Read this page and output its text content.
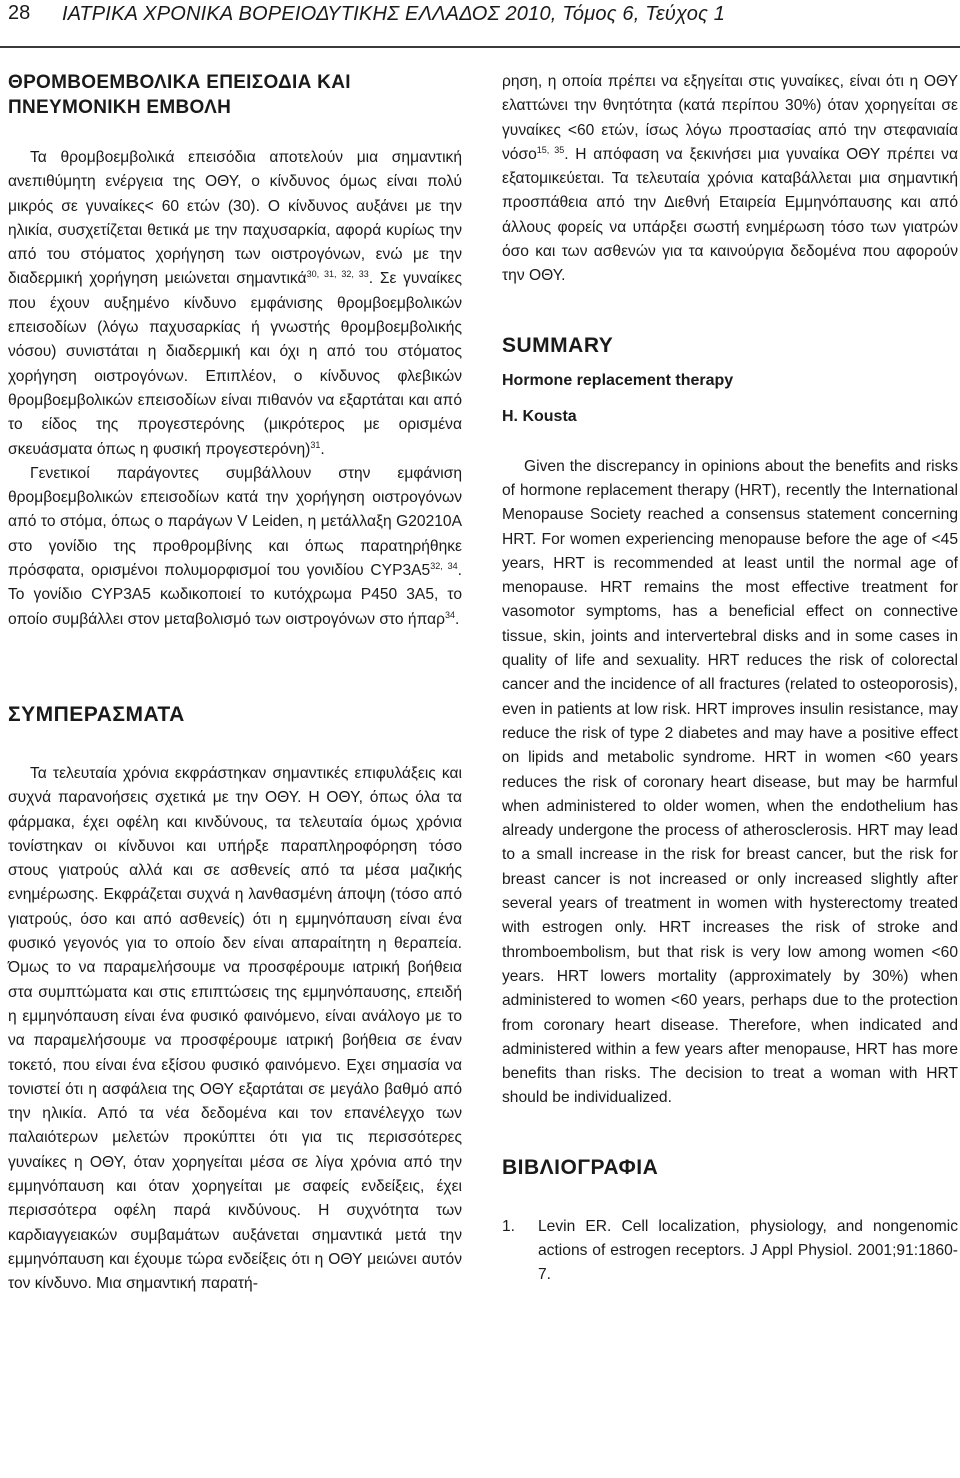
28 ΙΑΤΡΙΚΑ ΧΡΟΝΙΚΑ ΒΟΡΕΙΟΔΥΤΙΚΗΣ ΕΛΛΑΔΟΣ 2010, Τόμος 6, Τεύχος 1
ΘΡΟΜΒΟΕΜΒΟΛΙΚΑ ΕΠΕΙΣΟΔΙΑ ΚΑΙ ΠΝΕΥΜΟΝΙΚΗ ΕΜΒΟΛΗ

Τα θρομβοεμβολικά επεισόδια αποτελούν μια σημαντική ανεπιθύμητη ενέργεια της ΟΘΥ, ο κίνδυνος όμως είναι πολύ μικρός σε γυναίκες< 60 ετών (30). Ο κίνδυνος αυξάνει με την ηλικία, συσχετίζεται θετικά με την παχυσαρκία, αφορά κυρίως την από του στόματος χορήγηση των οιστρογόνων, ενώ με την διαδερμική χορήγηση μειώνεται σημαντικά$^{30, 31, 32, 33}$. Σε γυναίκες που έχουν αυξημένο κίνδυνο εμφάνισης θρομβοεμβολικών επεισοδίων (λόγω παχυσαρκίας ή γνωστής θρομβοεμβολικής νόσου) συνιστάται η διαδερμική και όχι η από του στόματος χορήγηση οιστρογόνων. Επιπλέον, ο κίνδυνος φλεβικών θρομβοεμβολικών επεισοδίων είναι πιθανόν να εξαρτάται και από το είδος της προγεστερόνης (μικρότερος με ορισμένα σκευάσματα όπως η φυσική προγεστερόνη)$^{31}$.

Γενετικοί παράγοντες συμβάλλουν στην εμφάνιση θρομβοεμβολικών επεισοδίων κατά την χορήγηση οιστρογόνων από το στόμα, όπως ο παράγων V Leiden, η μετάλλαξη G20210A στο γονίδιο της προθρομβίνης και όπως παρατηρήθηκε πρόσφατα, ορισμένοι πολυμορφισμοί του γονιδίου CYP3A5$^{32, 34}$. Το γονίδιο CYP3A5 κωδικοποιεί το κυτόχρωμα P450 3A5, το οποίο συμβάλλει στον μεταβολισμό των οιστρογόνων στο ήπαρ$^{34}$.

ΣΥΜΠΕΡΑΣΜΑΤΑ

Τα τελευταία χρόνια εκφράστηκαν σημαντικές επιφυλάξεις και συχνά παρανοήσεις σχετικά με την ΟΘΥ. Η ΟΘΥ, όπως όλα τα φάρμακα, έχει οφέλη και κινδύνους, τα τελευταία όμως χρόνια τονίστηκαν οι κίνδυνοι και υπήρξε παραπληροφόρηση τόσο στους γιατρούς αλλά και σε ασθενείς από τα μέσα μαζικής ενημέρωσης. Εκφράζεται συχνά η λανθασμένη άποψη (τόσο από γιατρούς, όσο και από ασθενείς) ότι η εμμηνόπαυση είναι ένα φυσικό γεγονός για το οποίο δεν είναι απαραίτητη η θεραπεία. Όμως το να παραμελήσουμε να προσφέρουμε ιατρική βοήθεια στα συμπτώματα και στις επιπτώσεις της εμμηνόπαυσης, επειδή η εμμηνόπαυση είναι ένα φυσικό φαινόμενο, είναι ανάλογο με το να παραμελήσουμε να προσφέρουμε ιατρική βοήθεια σε έναν τοκετό, που είναι ένα εξίσου φυσικό φαινόμενο. Εχει σημασία να τονιστεί ότι η ασφάλεια της ΟΘΥ εξαρτάται σε μεγάλο βαθμό από την ηλικία. Από τα νέα δεδομένα και τον επανέλεγχο των παλαιότερων μελετών προκύπτει ότι για τις περισσότερες γυναίκες η ΟΘΥ, όταν χορηγείται μέσα σε λίγα χρόνια από την εμμηνόπαυση και όταν χορηγείται με σαφείς ενδείξεις, έχει περισσότερα οφέλη παρά κινδύνους. Η συχνότητα των καρδιαγγειακών συμβαμάτων αυξάνεται σημαντικά μετά την εμμηνόπαυση και έχουμε τώρα ενδείξεις ότι η ΟΘΥ μειώνει αυτόν τον κίνδυνο. Μια σημαντική παρατή-

ρηση, η οποία πρέπει να εξηγείται στις γυναίκες, είναι ότι η ΟΘΥ ελαττώνει την θνητότητα (κατά περίπου 30%) όταν χορηγείται σε γυναίκες <60 ετών, ίσως λόγω προστασίας από την στεφανιαία νόσο$^{15, 35}$. Η απόφαση να ξεκινήσει μια γυναίκα ΟΘΥ πρέπει να εξατομικεύεται. Τα τελευταία χρόνια καταβάλλεται μια σημαντική προσπάθεια από την Διεθνή Εταιρεία Εμμηνόπαυσης και από άλλους φορείς να υπάρξει σωστή ενημέρωση τόσο των γιατρών όσο και των ασθενών για τα καινούργια δεδομένα που αφορούν την ΟΘΥ.

SUMMARY
Hormone replacement therapy
H. Kousta

Given the discrepancy in opinions about the benefits and risks of hormone replacement therapy (HRT), recently the International Menopause Society reached a consensus statement concerning HRT. For women experiencing menopause before the age of <45 years, HRT is recommended at least until the normal age of menopause. HRT remains the most effective treatment for vasomotor symptoms, has a beneficial effect on connective tissue, skin, joints and intervertebral disks and in some cases in quality of life and sexuality. HRT reduces the risk of colorectal cancer and the incidence of all fractures (related to osteoporosis), even in patients at low risk. HRT improves insulin resistance, may reduce the risk of type 2 diabetes and may have a positive effect on lipids and metabolic syndrome. HRT in women <60 years reduces the risk of coronary heart disease, but may be harmful when administered to older women, when the endothelium has already undergone the process of atherosclerosis. HRT may lead to a small increase in the risk for breast cancer, but the risk for breast cancer is not increased or only increased slightly after several years of treatment in women with hysterectomy treated with estrogen only. HRT increases the risk of stroke and thromboembolism, but that risk is very low among women <60 years. HRT lowers mortality (approximately by 30%) when administered to women <60 years, perhaps due to the protection from coronary heart disease. Therefore, when indicated and administered within a few years after menopause, HRT has more benefits than risks. The decision to treat a woman with HRT should be individualized.

ΒΙΒΛΙΟΓΡΑΦΙΑ
1. Levin ER. Cell localization, physiology, and nongenomic actions of estrogen receptors. J Appl Physiol. 2001;91:1860-7.
